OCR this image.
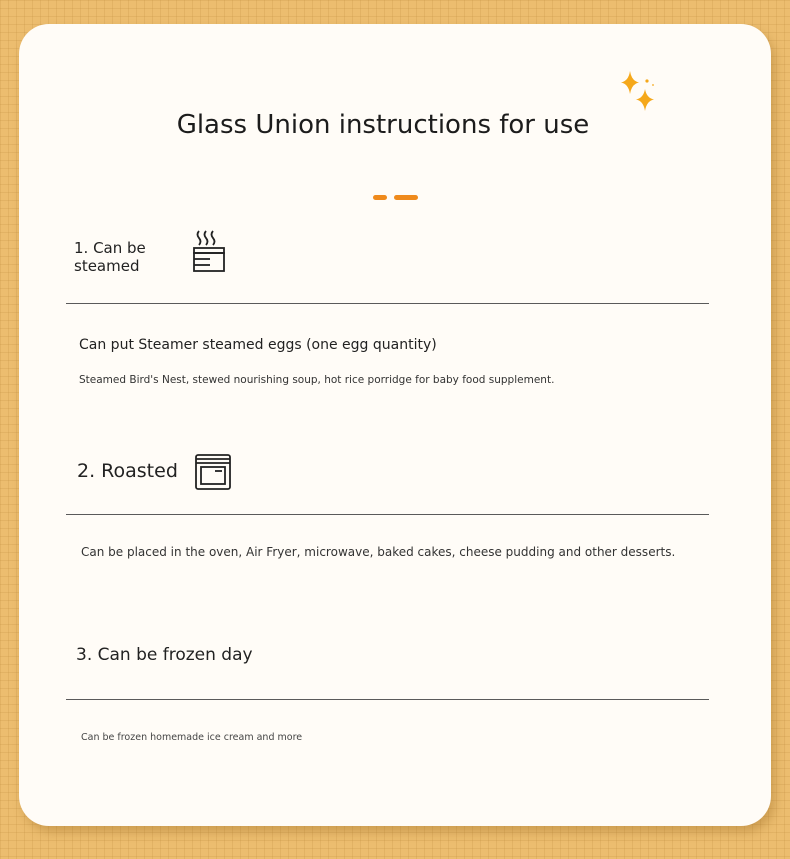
Glass Union instructions for use
1. Can be steamed
Can put Steamer steamed eggs (one egg quantity)
Steamed Bird's Nest, stewed nourishing soup, hot rice porridge for baby food supplement.
2. Roasted
Can be placed in the oven, Air Fryer, microwave, baked cakes, cheese pudding and other desserts.
3. Can be frozen day
Can be frozen homemade ice cream and more
